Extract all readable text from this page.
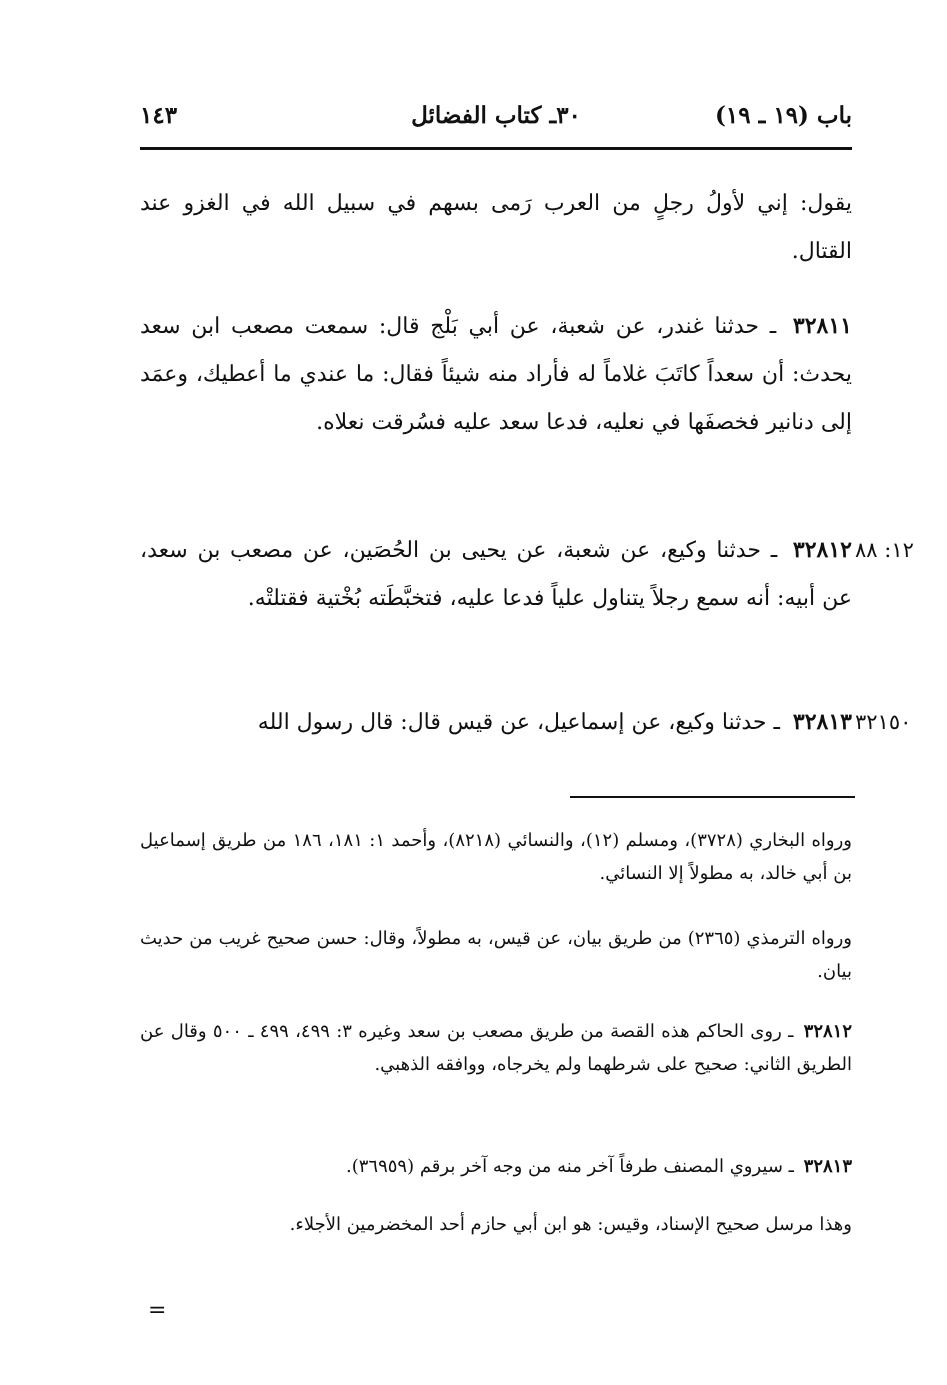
باب (١٩ ـ ١٩)
٣٠ـ كتاب الفضائل
١٤٣
يقول: إني لأولُ رجلٍ من العرب رَمى بسهم في سبيل الله في الغزو عند القتال.
٣٢٨١١ ـ حدثنا غندر، عن شعبة، عن أبي بَلْج قال: سمعت مصعب ابن سعد يحدث: أن سعداً كاتَبَ غلاماً له فأراد منه شيئاً فقال: ما عندي ما أعطيك، وعمَد إلى دنانير فخصفَها في نعليه، فدعا سعد عليه فسُرقت نعلاه.
١٢: ٨٨
٣٢٨١٢ ـ حدثنا وكيع، عن شعبة، عن يحيى بن الحُصَين، عن مصعب بن سعد، عن أبيه: أنه سمع رجلاً يتناول علياً فدعا عليه، فتخبَّطَته بُخْتية فقتلتْه.
٣٢١٥٠
٣٢٨١٣ ـ حدثنا وكيع، عن إسماعيل، عن قيس قال: قال رسول الله
ورواه البخاري (٣٧٢٨)، ومسلم (١٢)، والنسائي (٨٢١٨)، وأحمد ١: ١٨١، ١٨٦ من طريق إسماعيل بن أبي خالد، به مطولاً إلا النسائي.
ورواه الترمذي (٢٣٦٥) من طريق بيان، عن قيس، به مطولاً، وقال: حسن صحيح غريب من حديث بيان.
٣٢٨١٢ ـ روى الحاكم هذه القصة من طريق مصعب بن سعد وغيره ٣: ٤٩٩، ٤٩٩ ـ ٥٠٠ وقال عن الطريق الثاني: صحيح على شرطهما ولم يخرجاه، ووافقه الذهبي.
٣٢٨١٣ ـ سيروي المصنف طرفاً آخر منه من وجه آخر برقم (٣٦٩٥٩).
وهذا مرسل صحيح الإسناد، وقيس: هو ابن أبي حازم أحد المخضرمين الأجلاء.
=
